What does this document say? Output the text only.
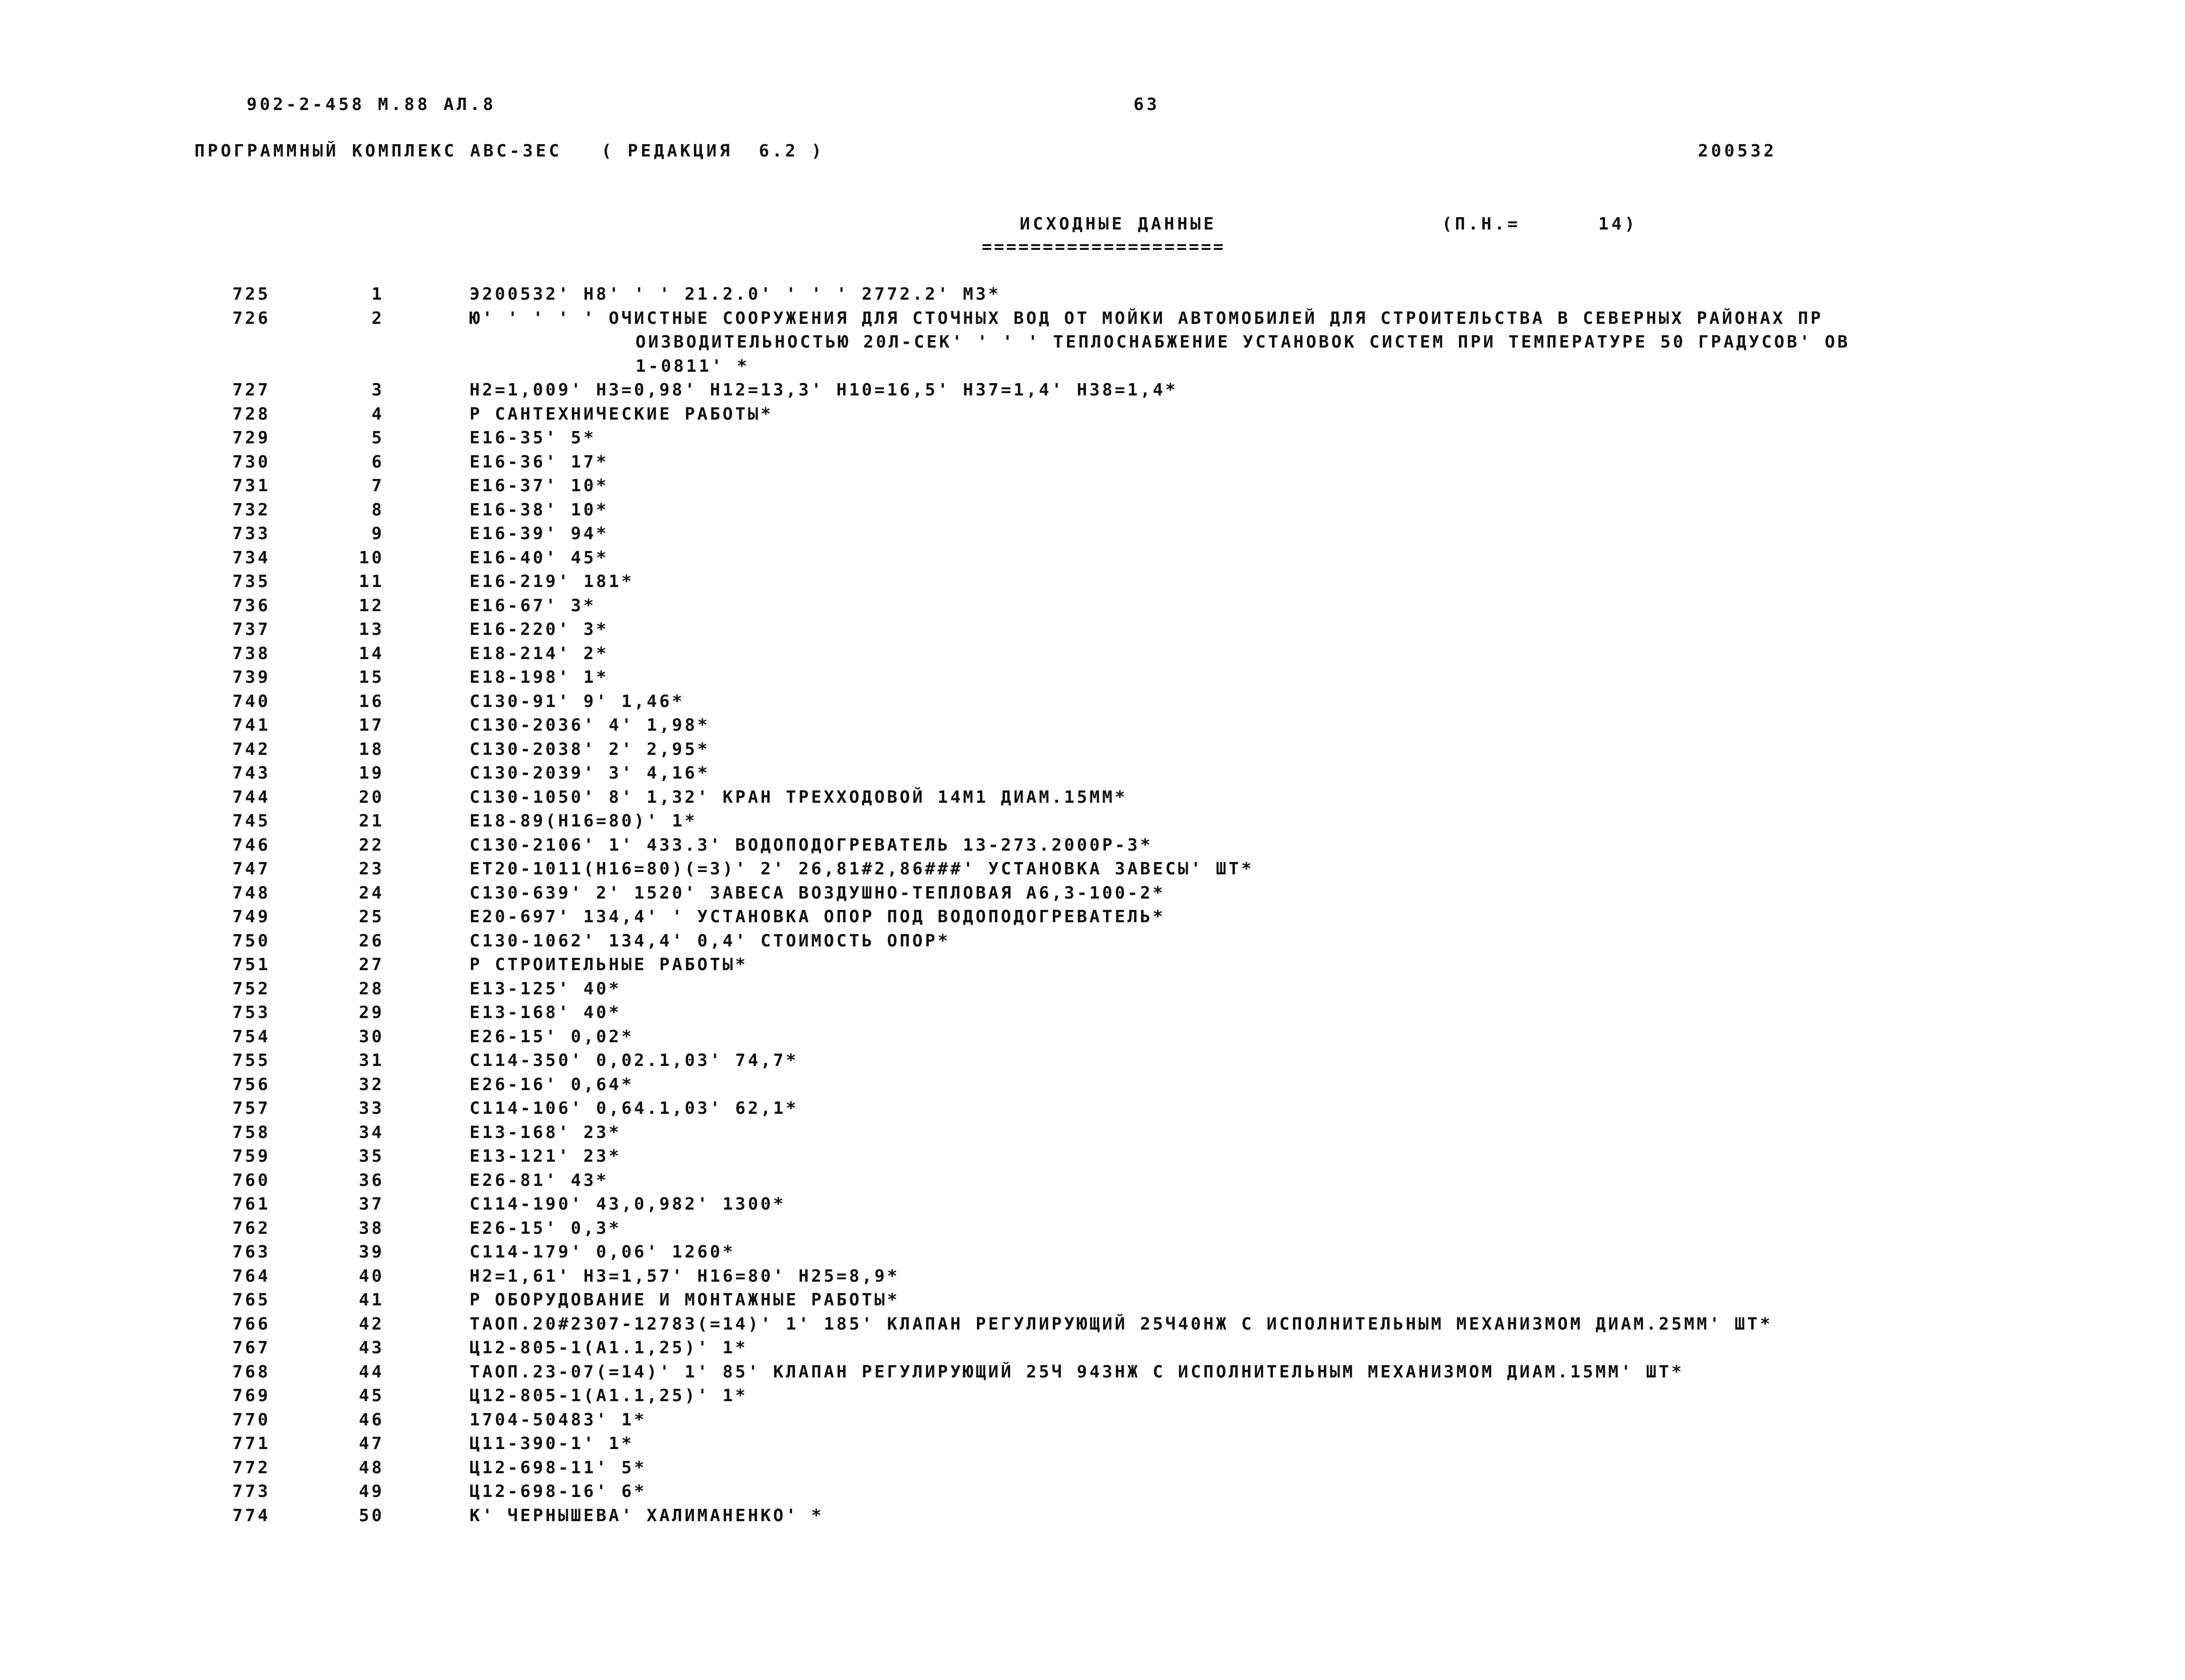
902-2-458 М.88 АЛ.8	63
ПРОГРАММНЫЙ КОМПЛЕКС АВС-3ЕС   ( РЕДАКЦИЯ  6.2 )	200532
ИСХОДНЫЕ ДАННЫЕ	(П.Н.=	14)
====================
725	1	Э200532' Н8' ' ' 21.2.0' ' ' ' 2772.2' М3*
726	2	Ю' ' ' ' ' ОЧИСТНЫЕ СООРУЖЕНИЯ ДЛЯ СТОЧНЫХ ВОД ОТ МОЙКИ АВТОМОБИЛЕЙ ДЛЯ СТРОИТЕЛЬСТВА В СЕВЕРНЫХ РАЙОНАХ ПР
ОИЗВОДИТЕЛЬНОСТЬЮ 20Л-СЕК' ' ' ' ТЕПЛОСНАБЖЕНИЕ УСТАНОВОК СИСТЕМ ПРИ ТЕМПЕРАТУРЕ 50 ГРАДУСОВ' ОВ
1-0811' *
727	3	Н2=1,009' Н3=0,98' Н12=13,3' Н10=16,5' Н37=1,4' Н38=1,4*
728	4	Р САНТЕХНИЧЕСКИЕ РАБОТЫ*
729	5	Е16-35' 5*
730	6	Е16-36' 17*
731	7	Е16-37' 10*
732	8	Е16-38' 10*
733	9	Е16-39' 94*
734	10	Е16-40' 45*
735	11	Е16-219' 181*
736	12	Е16-67' 3*
737	13	Е16-220' 3*
738	14	Е18-214' 2*
739	15	Е18-198' 1*
740	16	С130-91' 9' 1,46*
741	17	С130-2036' 4' 1,98*
742	18	С130-2038' 2' 2,95*
743	19	С130-2039' 3' 4,16*
744	20	С130-1050' 8' 1,32' КРАН ТРЕХХОДОВОЙ 14М1 ДИАМ.15ММ*
745	21	Е18-89(Н16=80)' 1*
746	22	С130-2106' 1' 433.3' ВОДОПОДОГРЕВАТЕЛЬ 13-273.2000Р-3*
747	23	ЕТ20-1011(Н16=80)(=3)' 2' 26,81#2,86###' УСТАНОВКА ЗАВЕСЫ' ШТ*
748	24	С130-639' 2' 1520' ЗАВЕСА ВОЗДУШНО-ТЕПЛОВАЯ А6,3-100-2*
749	25	Е20-697' 134,4' ' УСТАНОВКА ОПОР ПОД ВОДОПОДОГРЕВАТЕЛЬ*
750	26	С130-1062' 134,4' 0,4' СТОИМОСТЬ ОПОР*
751	27	Р СТРОИТЕЛЬНЫЕ РАБОТЫ*
752	28	Е13-125' 40*
753	29	Е13-168' 40*
754	30	Е26-15' 0,02*
755	31	С114-350' 0,02.1,03' 74,7*
756	32	Е26-16' 0,64*
757	33	С114-106' 0,64.1,03' 62,1*
758	34	Е13-168' 23*
759	35	Е13-121' 23*
760	36	Е26-81' 43*
761	37	С114-190' 43,0,982' 1300*
762	38	Е26-15' 0,3*
763	39	С114-179' 0,06' 1260*
764	40	Н2=1,61' Н3=1,57' Н16=80' Н25=8,9*
765	41	Р ОБОРУДОВАНИЕ И МОНТАЖНЫЕ РАБОТЫ*
766	42	ТАОП.20#2307-12783(=14)' 1' 185' КЛАПАН РЕГУЛИРУЮЩИЙ 25Ч40НЖ С ИСПОЛНИТЕЛЬНЫМ МЕХАНИЗМОМ ДИАМ.25ММ' ШТ*
767	43	Ц12-805-1(А1.1,25)' 1*
768	44	ТАОП.23-07(=14)' 1' 85' КЛАПАН РЕГУЛИРУЮЩИЙ 25Ч 943НЖ С ИСПОЛНИТЕЛЬНЫМ МЕХАНИЗМОМ ДИАМ.15ММ' ШТ*
769	45	Ц12-805-1(А1.1,25)' 1*
770	46	1704-50483' 1*
771	47	Ц11-390-1' 1*
772	48	Ц12-698-11' 5*
773	49	Ц12-698-16' 6*
774	50	К' ЧЕРНЫШЕВА' ХАЛИМАНЕНКО' *
